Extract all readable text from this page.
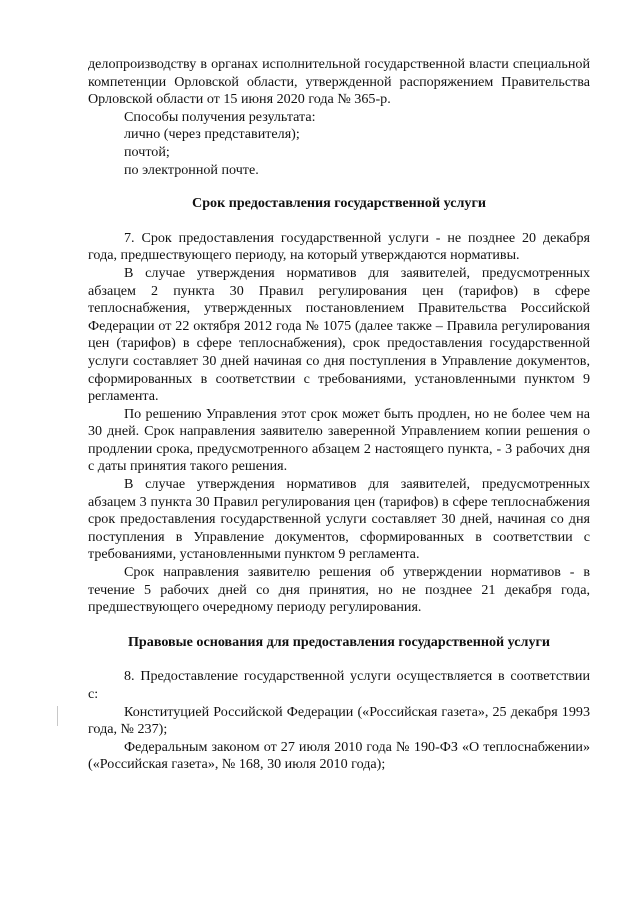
делопроизводству в органах исполнительной государственной власти специальной компетенции Орловской области, утвержденной распоряжением Правительства Орловской области от 15 июня 2020 года № 365-р.

Способы получения результата:

лично (через представителя);

почтой;

по электронной почте.

Срок предоставления государственной услуги

7. Срок предоставления государственной услуги - не позднее 20 декабря года, предшествующего периоду, на который утверждаются нормативы.

В случае утверждения нормативов для заявителей, предусмотренных абзацем 2 пункта 30 Правил регулирования цен (тарифов) в сфере теплоснабжения, утвержденных постановлением Правительства Российской Федерации от 22 октября 2012 года № 1075 (далее также – Правила регулирования цен (тарифов) в сфере теплоснабжения), срок предоставления государственной услуги составляет 30 дней начиная со дня поступления в Управление документов, сформированных в соответствии с требованиями, установленными пунктом 9 регламента.

По решению Управления этот срок может быть продлен, но не более чем на 30 дней. Срок направления заявителю заверенной Управлением копии решения о продлении срока, предусмотренного абзацем 2 настоящего пункта, - 3 рабочих дня с даты принятия такого решения.

В случае утверждения нормативов для заявителей, предусмотренных абзацем 3 пункта 30 Правил регулирования цен (тарифов) в сфере теплоснабжения срок предоставления государственной услуги составляет 30 дней, начиная со дня поступления в Управление документов, сформированных в соответствии с требованиями, установленными пунктом 9 регламента.

Срок направления заявителю решения об утверждении нормативов - в течение 5 рабочих дней со дня принятия, но не позднее 21 декабря года, предшествующего очередному периоду регулирования.

Правовые основания для предоставления государственной услуги

8. Предоставление государственной услуги осуществляется в соответствии с:

Конституцией Российской Федерации («Российская газета», 25 декабря 1993 года, № 237);

Федеральным законом от 27 июля 2010 года № 190-ФЗ «О теплоснабжении» («Российская газета», № 168, 30 июля 2010 года);
